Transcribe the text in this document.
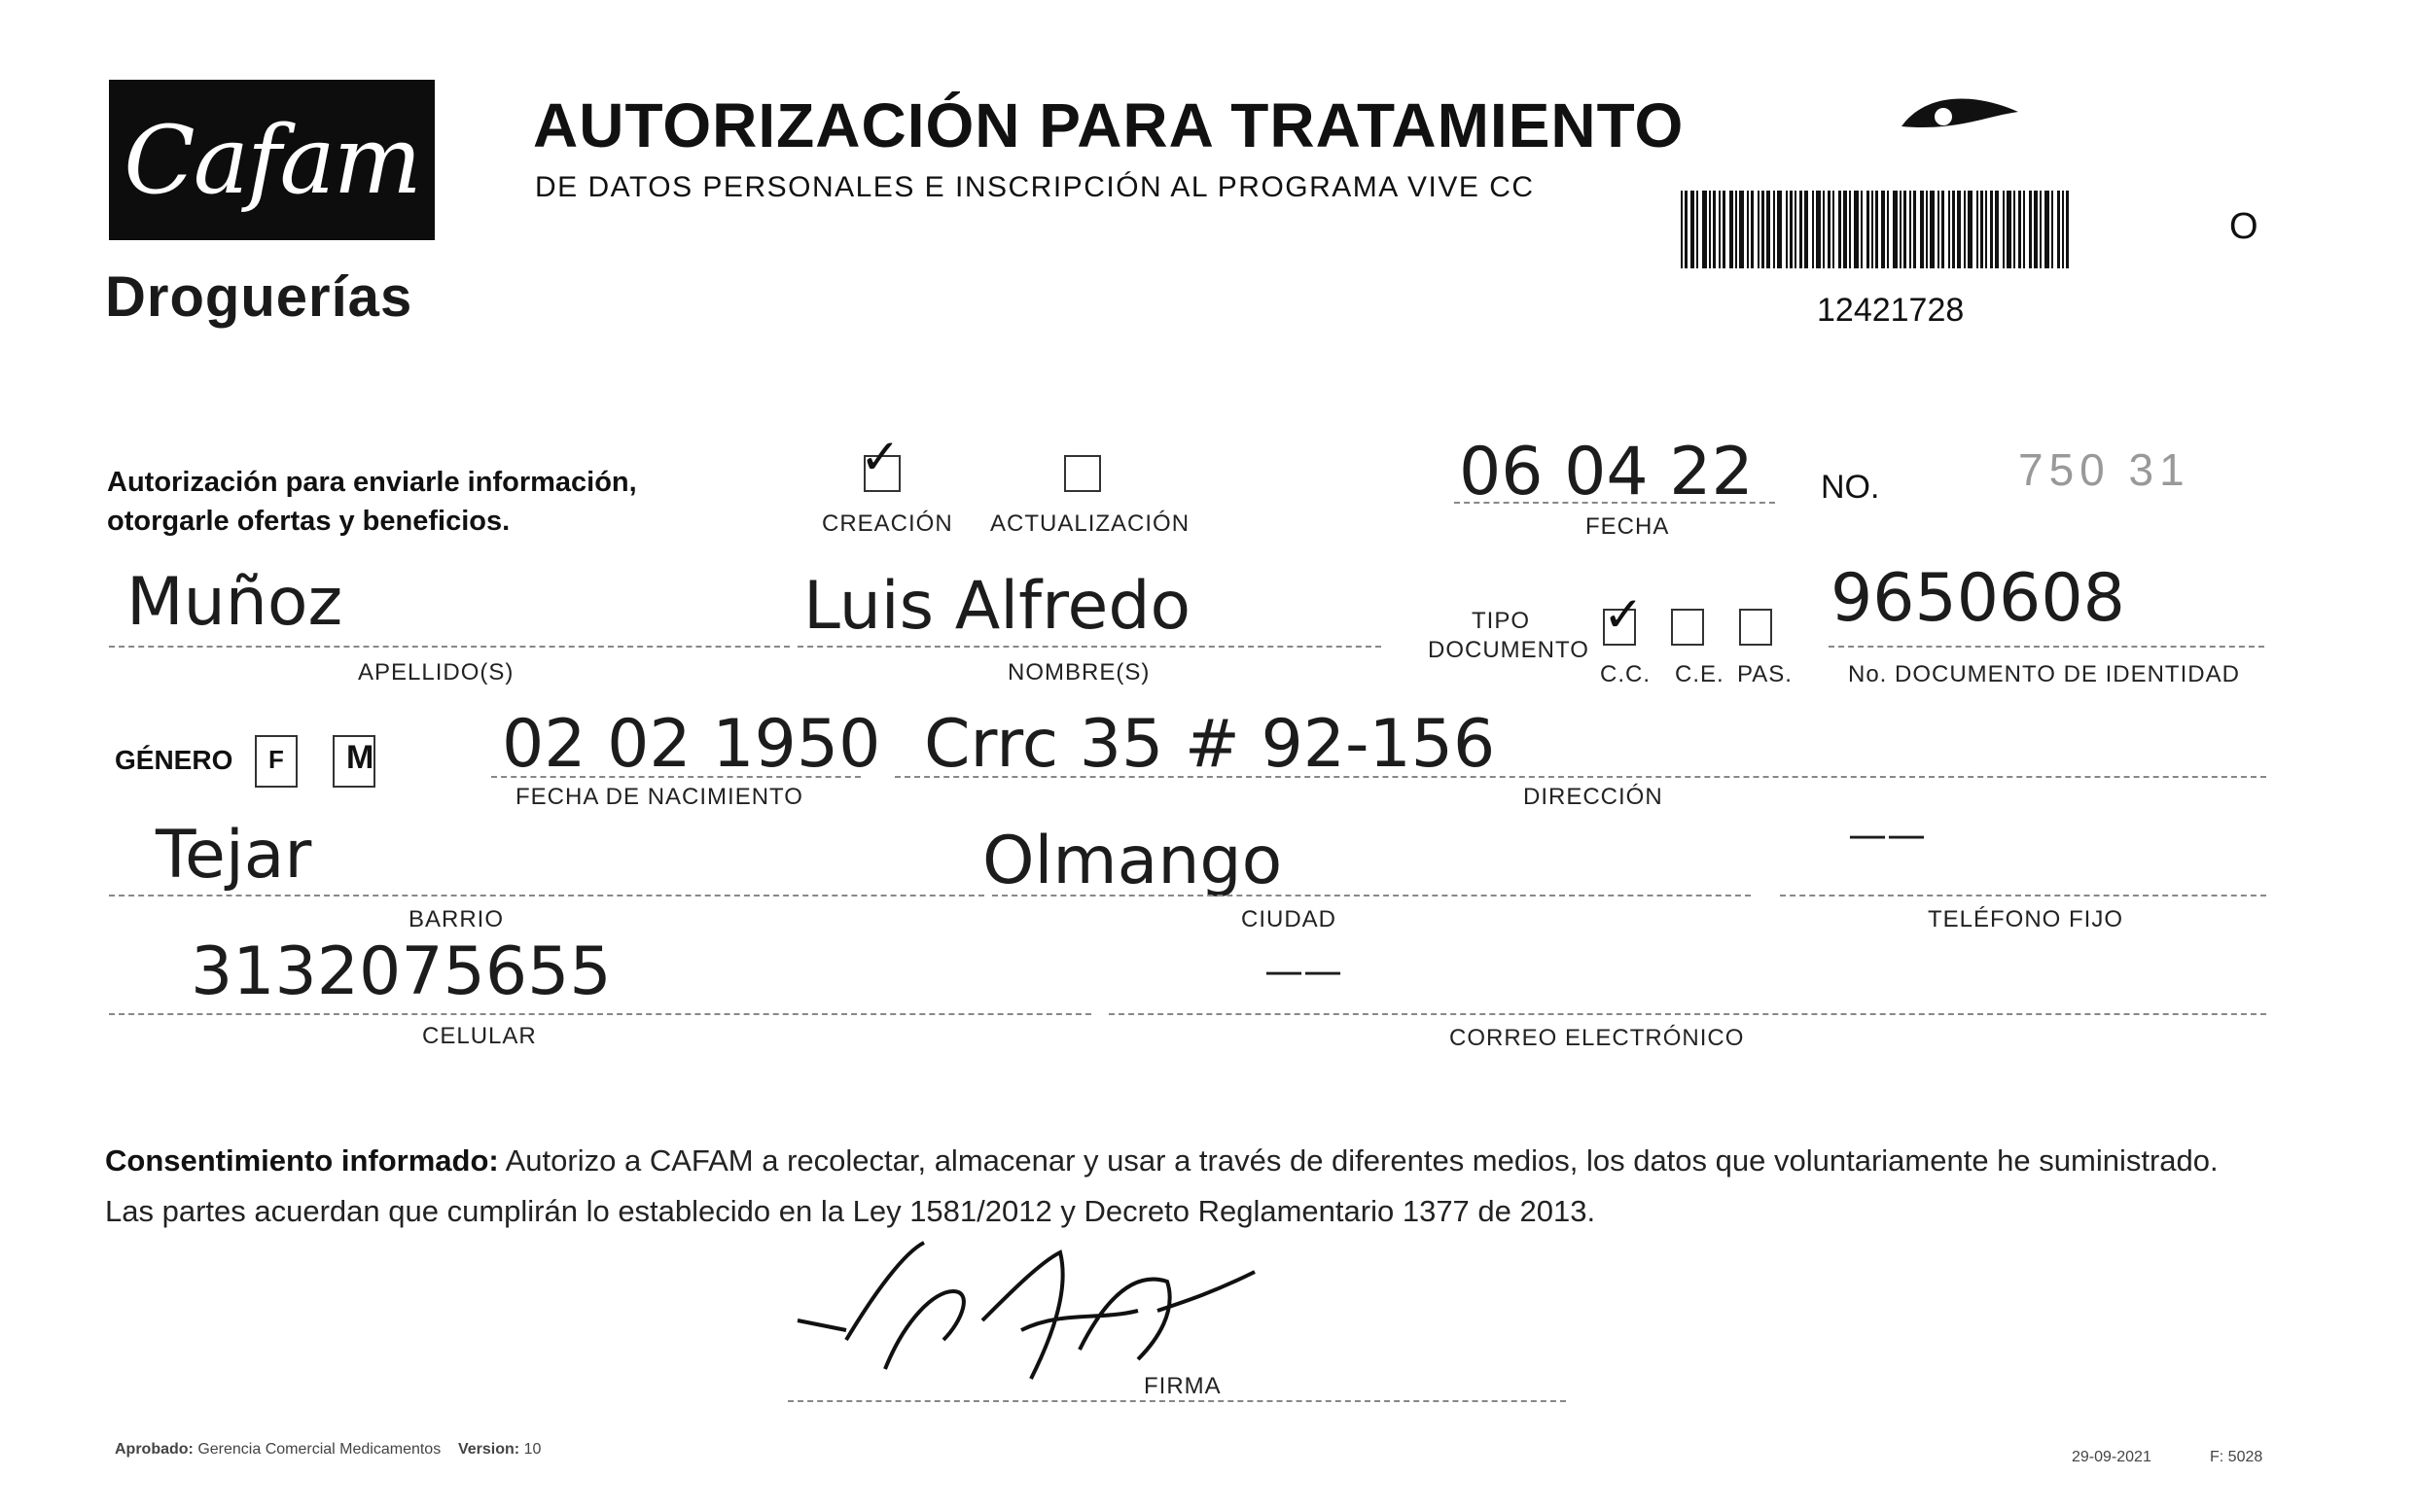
Cafam
Droguerías
AUTORIZACIÓN PARA TRATAMIENTO
DE DATOS PERSONALES E INSCRIPCIÓN AL PROGRAMA VIVE CC
12421728
O
Autorización para enviarle información, otorgarle ofertas y beneficios.
✓
CREACIÓN ACTUALIZACIÓN
06 04 22
FECHA
NO.	750 31
Muñoz
APELLIDO(S)
Luis Alfredo
NOMBRE(S)
TIPO DOCUMENTO
✓
C.C. C.E. PAS.
9650608
No. DOCUMENTO DE IDENTIDAD
GÉNERO F M 02 02 1950
FECHA DE NACIMIENTO
Crrc 35 # 92-156
DIRECCIÓN
Tejar
BARRIO
Olmango
CIUDAD
——
TELÉFONO FIJO
3132075655
CELULAR
——
CORREO ELECTRÓNICO
Consentimiento informado: Autorizo a CAFAM a recolectar, almacenar y usar a través de diferentes medios, los datos que voluntariamente he suministrado. Las partes acuerdan que cumplirán lo establecido en la Ley 1581/2012 y Decreto Reglamentario 1377 de 2013.
FIRMA
Aprobado: Gerencia Comercial Medicamentos Version: 10	29-09-2021	F: 5028
